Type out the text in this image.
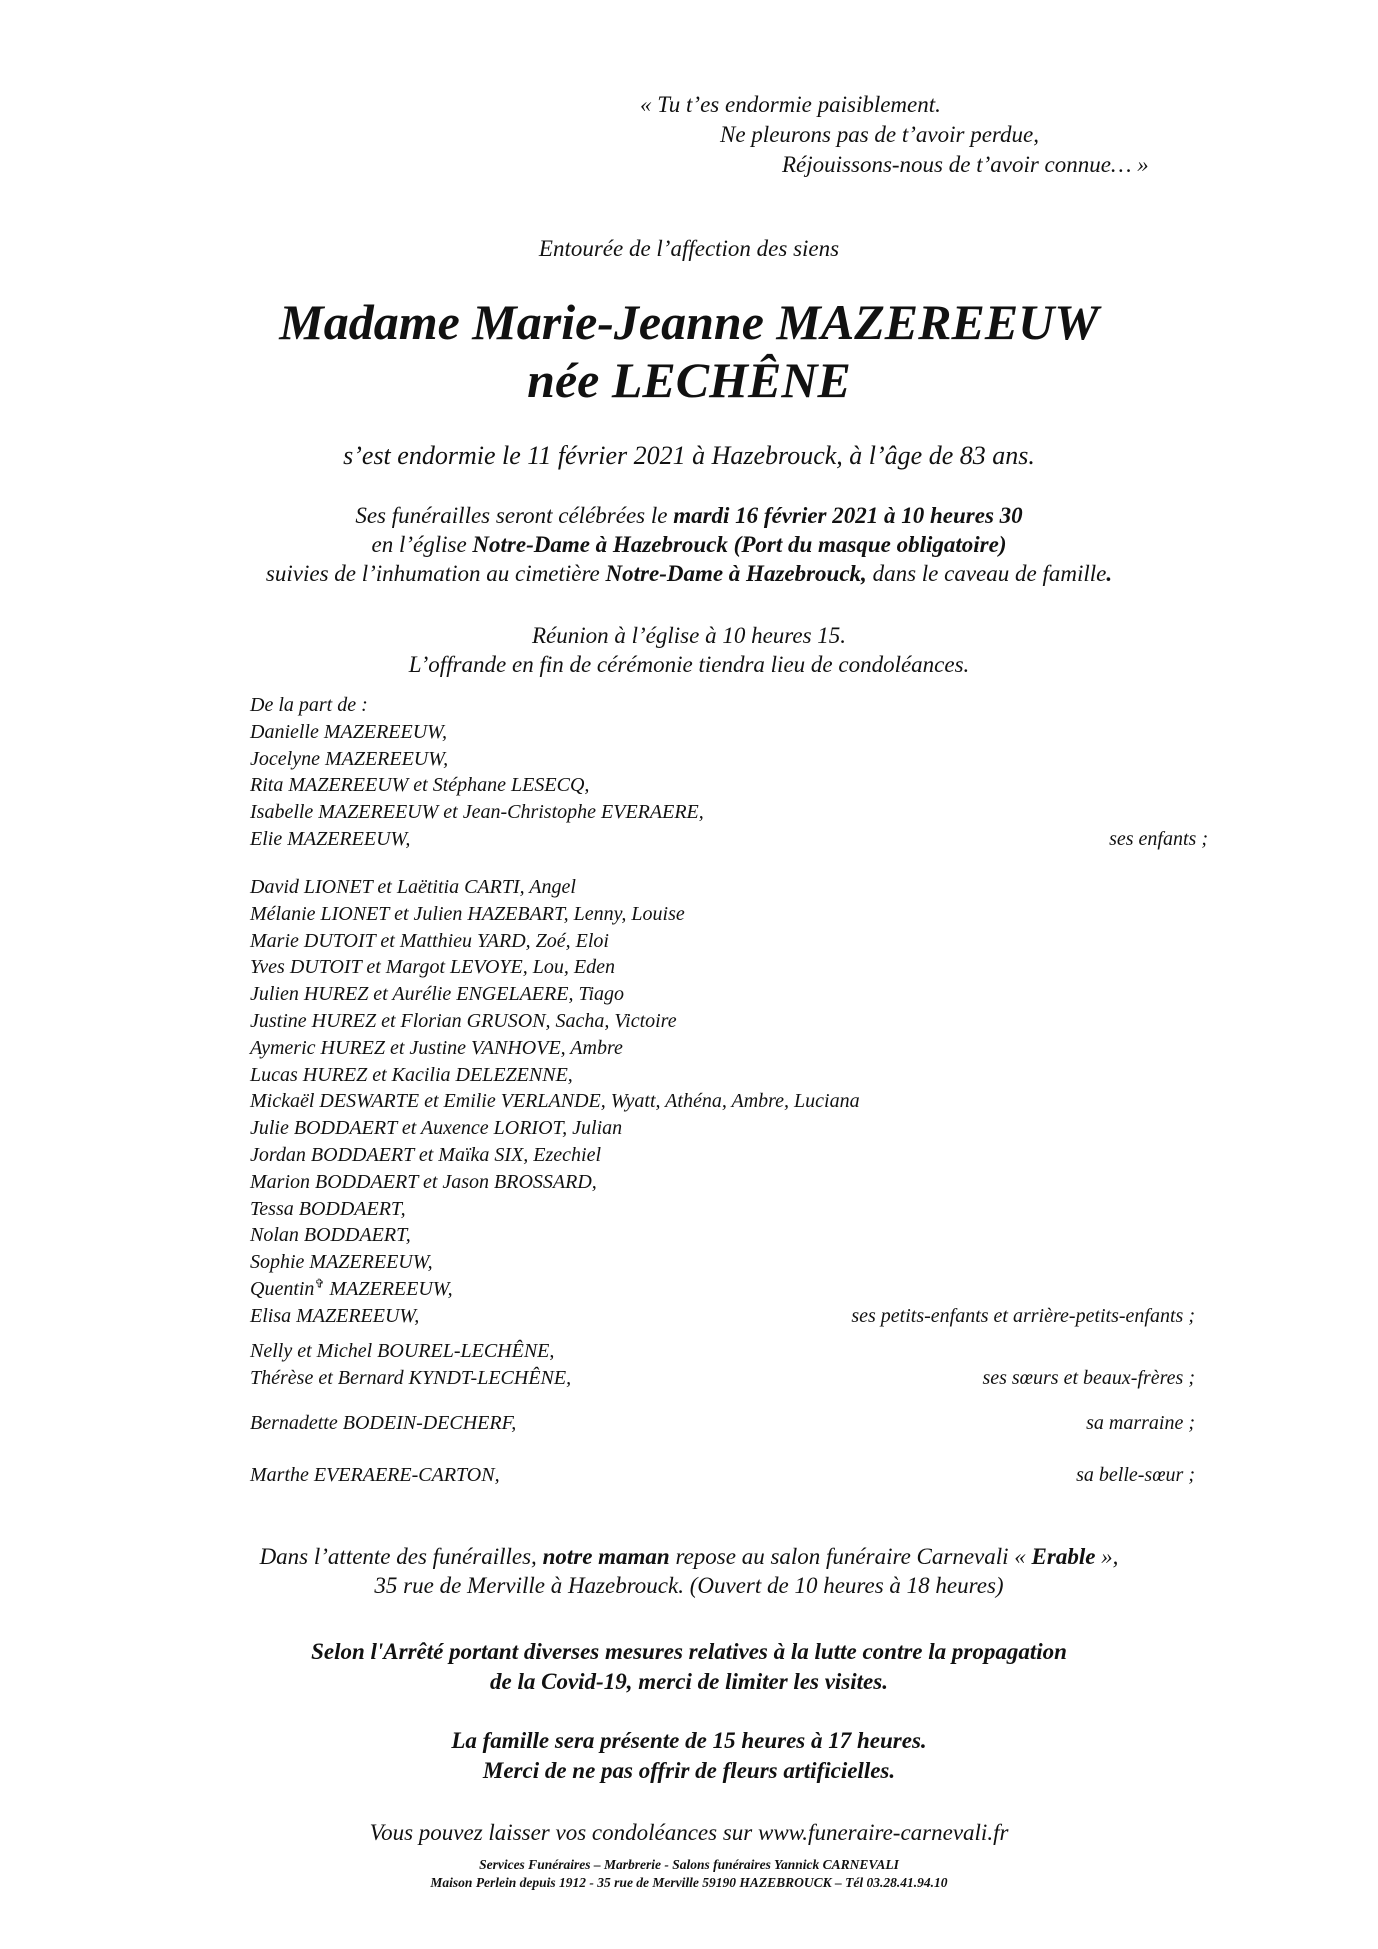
« Tu t’es endormie paisiblement.
Ne pleurons pas de t’avoir perdue,
Réjouissons-nous de t’avoir connue… »
Entourée de l’affection des siens
Madame Marie-Jeanne MAZEREEUW
née LECHÊNE
s’est endormie le 11 février 2021 à Hazebrouck, à l’âge de 83 ans.
Ses funérailles seront célébrées le mardi 16 février 2021 à 10 heures 30
en l’église Notre-Dame à Hazebrouck (Port du masque obligatoire)
suivies de l’inhumation au cimetière Notre-Dame à Hazebrouck, dans le caveau de famille.
Réunion à l’église à 10 heures 15.
L’offrande en fin de cérémonie tiendra lieu de condoléances.
De la part de :
Danielle MAZEREEUW,
Jocelyne MAZEREEUW,
Rita MAZEREEUW et Stéphane LESECQ,
Isabelle MAZEREEUW et Jean-Christophe EVERAERE,
Elie MAZEREEUW,	ses enfants ;
David LIONET et Laëtitia CARTI, Angel
Mélanie LIONET et Julien HAZEBART, Lenny, Louise
Marie DUTOIT et Matthieu YARD, Zoé, Eloi
Yves DUTOIT et Margot LEVOYE, Lou, Eden
Julien HUREZ et Aurélie ENGELAERE, Tiago
Justine HUREZ et Florian GRUSON, Sacha, Victoire
Aymeric HUREZ et Justine VANHOVE, Ambre
Lucas HUREZ et Kacilia DELEZENNE,
Mickaël DESWARTE et Emilie VERLANDE, Wyatt, Athéna, Ambre, Luciana
Julie BODDAERT et Auxence LORIOT, Julian
Jordan BODDAERT et Maïka SIX, Ezechiel
Marion BODDAERT et Jason BROSSARD,
Tessa BODDAERT,
Nolan BODDAERT,
Sophie MAZEREEUW,
Quentin✞ MAZEREEUW,
Elisa MAZEREEUW,	ses petits-enfants et arrière-petits-enfants ;
Nelly et Michel BOUREL-LECHÊNE,
Thérèse et Bernard KYNDT-LECHÊNE,	ses sœurs et beaux-frères ;
Bernadette BODEIN-DECHERF,	sa marraine ;
Marthe EVERAERE-CARTON,	sa belle-sœur ;
Dans l’attente des funérailles, notre maman repose au salon funéraire Carnevali « Erable »,
35 rue de Merville à Hazebrouck. (Ouvert de 10 heures à 18 heures)
Selon l'Arrêté portant diverses mesures relatives à la lutte contre la propagation
de la Covid-19, merci de limiter les visites.
La famille sera présente de 15 heures à 17 heures.
Merci de ne pas offrir de fleurs artificielles.
Vous pouvez laisser vos condoléances sur www.funeraire-carnevali.fr
Services Funéraires – Marbrerie - Salons funéraires Yannick CARNEVALI
Maison Perlein depuis 1912 - 35 rue de Merville 59190 HAZEBROUCK – Tél 03.28.41.94.10
